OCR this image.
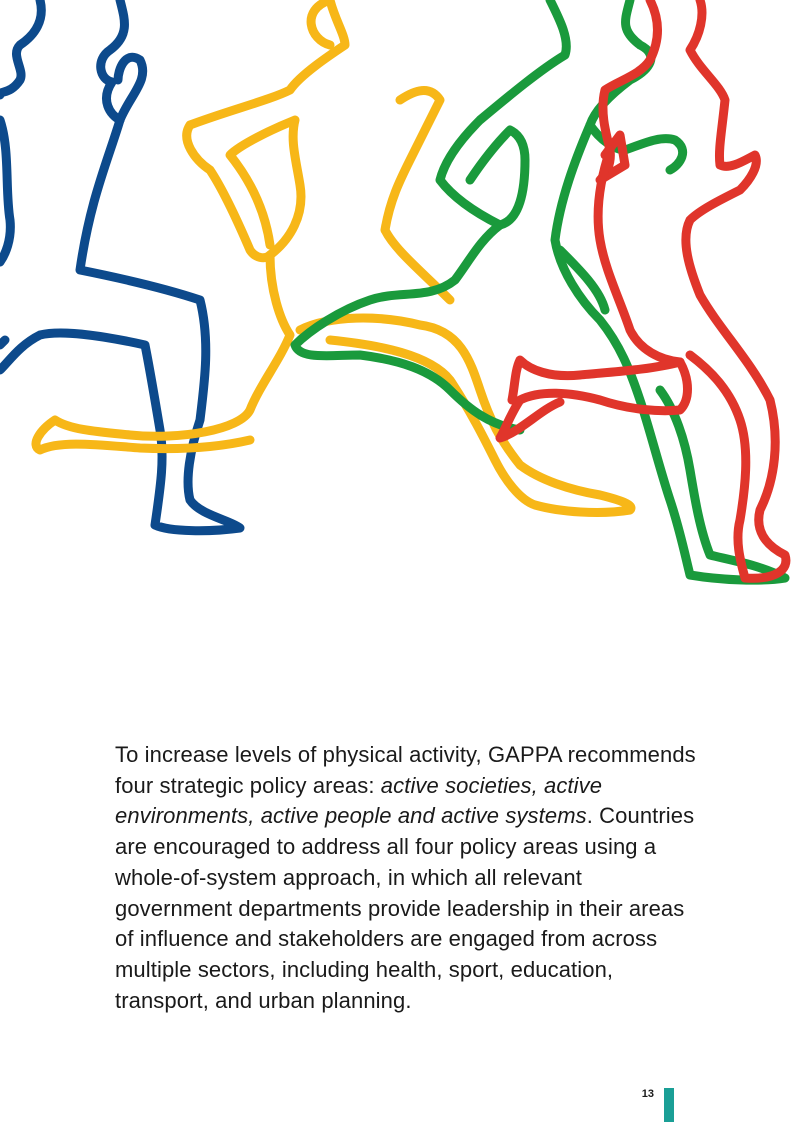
To increase levels of physical activity, GAPPA recommends four strategic policy areas: active societies, active environments, active people and active systems. Countries are encouraged to address all four policy areas using a whole-of-system approach, in which all relevant government departments provide leadership in their areas of influence and stakeholders are engaged from across multiple sectors, including health, sport, education, transport, and urban planning.

13
